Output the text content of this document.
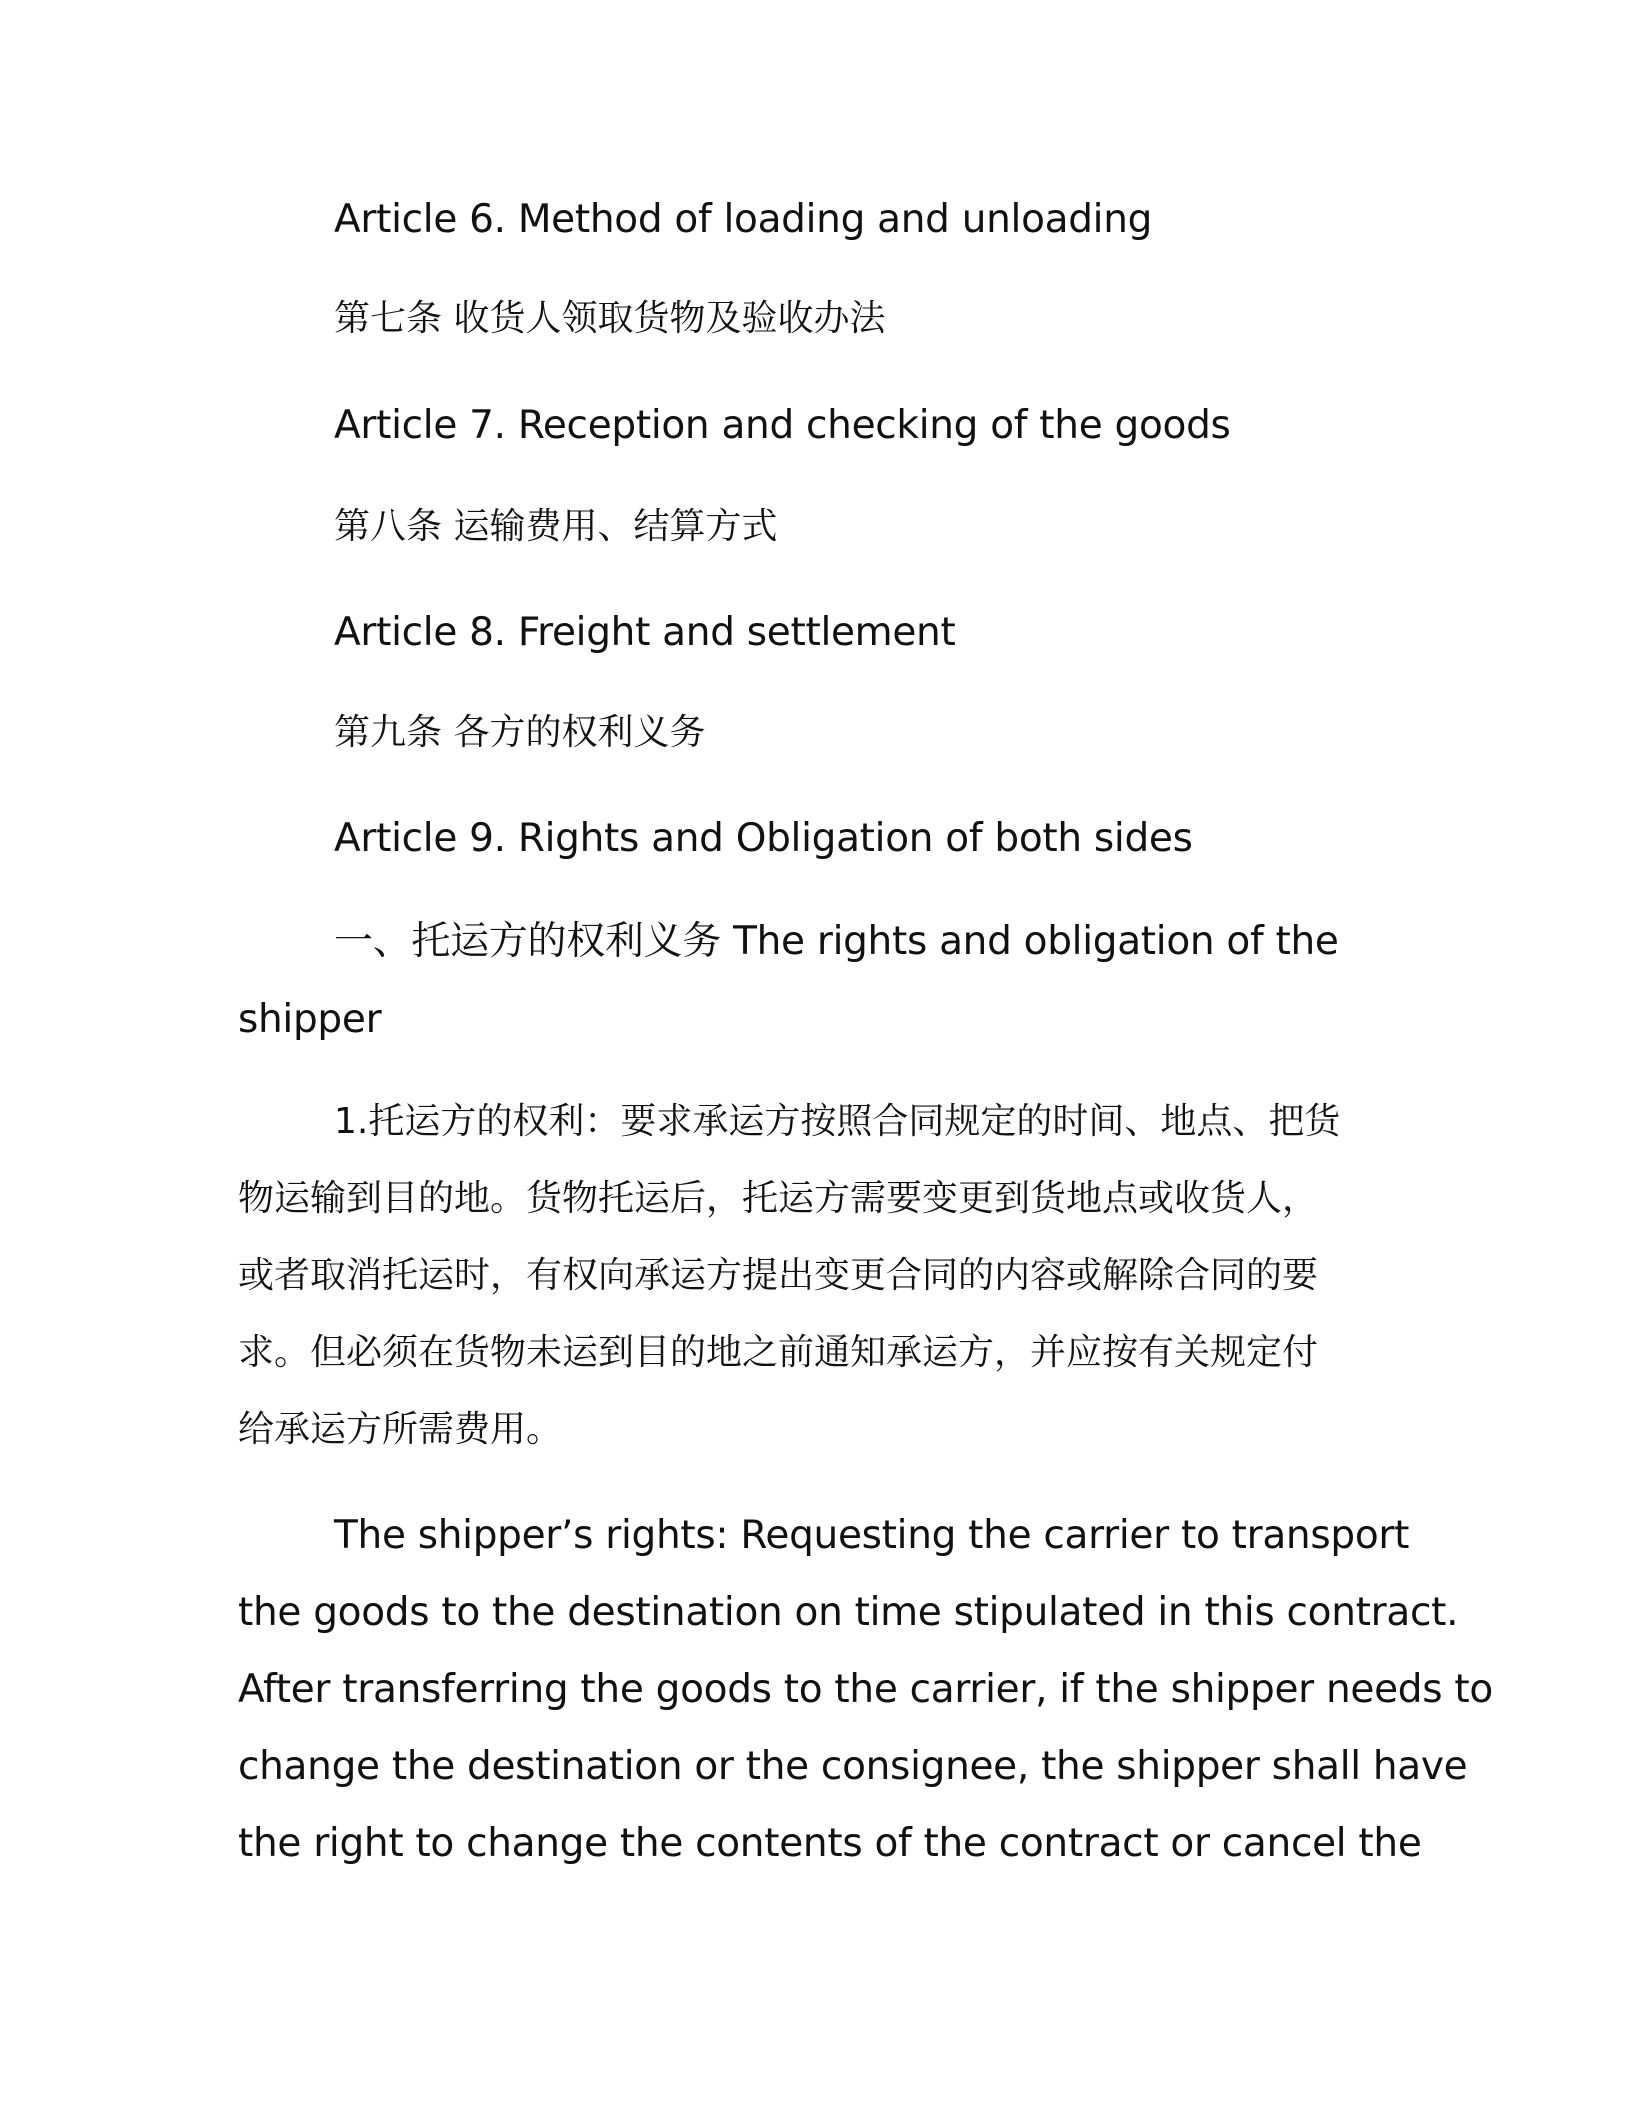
Article 6. Method of loading and unloading
第七条 收货人领取货物及验收办法
Article 7. Reception and checking of the goods
第八条 运输费用、结算方式
Article 8. Freight and settlement
第九条 各方的权利义务
Article 9. Rights and Obligation of both sides
一、托运方的权利义务 The rights and obligation of the
shipper
1.托运方的权利：要求承运方按照合同规定的时间、地点、把货
物运输到目的地。货物托运后，托运方需要变更到货地点或收货人，
或者取消托运时，有权向承运方提出变更合同的内容或解除合同的要
求。但必须在货物未运到目的地之前通知承运方，并应按有关规定付
给承运方所需费用。
The shipper’s rights: Requesting the carrier to transport
the goods to the destination on time stipulated in this contract.
After transferring the goods to the carrier, if the shipper needs to
change the destination or the consignee, the shipper shall have
the right to change the contents of the contract or cancel the
